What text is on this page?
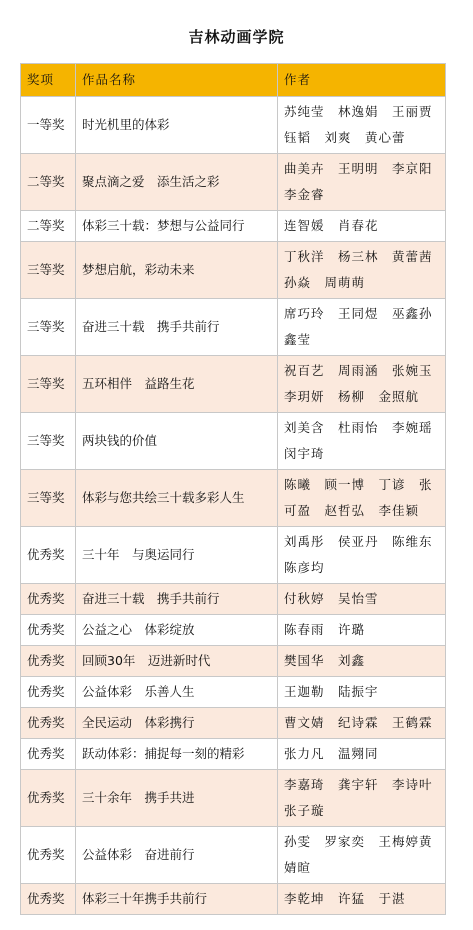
吉林动画学院
奖项	作品名称	作者
一等奖	时光机里的体彩	苏纯莹　林逸娟　王丽贾钰韬　刘爽　黄心蕾
二等奖	聚点滴之爱　添生活之彩	曲美卉　王明明　李京阳李金睿
二等奖	体彩三十载：梦想与公益同行	连智媛　肖春花
三等奖	梦想启航，彩动未来	丁秋洋　杨三林　黄蕾茜孙焱　周萌萌
三等奖	奋进三十载　携手共前行	席巧玲　王同煜　巫鑫孙鑫莹
三等奖	五环相伴　益路生花	祝百艺　周雨涵　张婉玉李玥妍　杨柳　金照航
三等奖	两块钱的价值	刘美含　杜雨怡　李婉瑶闵宇琦
三等奖	体彩与您共绘三十载多彩人生	陈曦　顾一博　丁谚　张可盈　赵哲弘　李佳颖
优秀奖	三十年　与奥运同行	刘禹彤　侯亚丹　陈维东陈彦均
优秀奖	奋进三十载　携手共前行	付秋婷　吴怡雪
优秀奖	公益之心　体彩绽放	陈春雨　许璐
优秀奖	回顾30年　迈进新时代	樊国华　刘鑫
优秀奖	公益体彩　乐善人生	王迦勒　陆振宇
优秀奖	全民运动　体彩携行	曹文婧　纪诗霖　王鹤霖
优秀奖	跃动体彩：捕捉每一刻的精彩	张力凡　温翙同
优秀奖	三十余年　携手共进	李嘉琦　龚宇轩　李诗叶张子璇
优秀奖	公益体彩　奋进前行	孙雯　罗家奕　王梅婷黄婧暄
优秀奖	体彩三十年携手共前行	李乾坤　许猛　于湛
